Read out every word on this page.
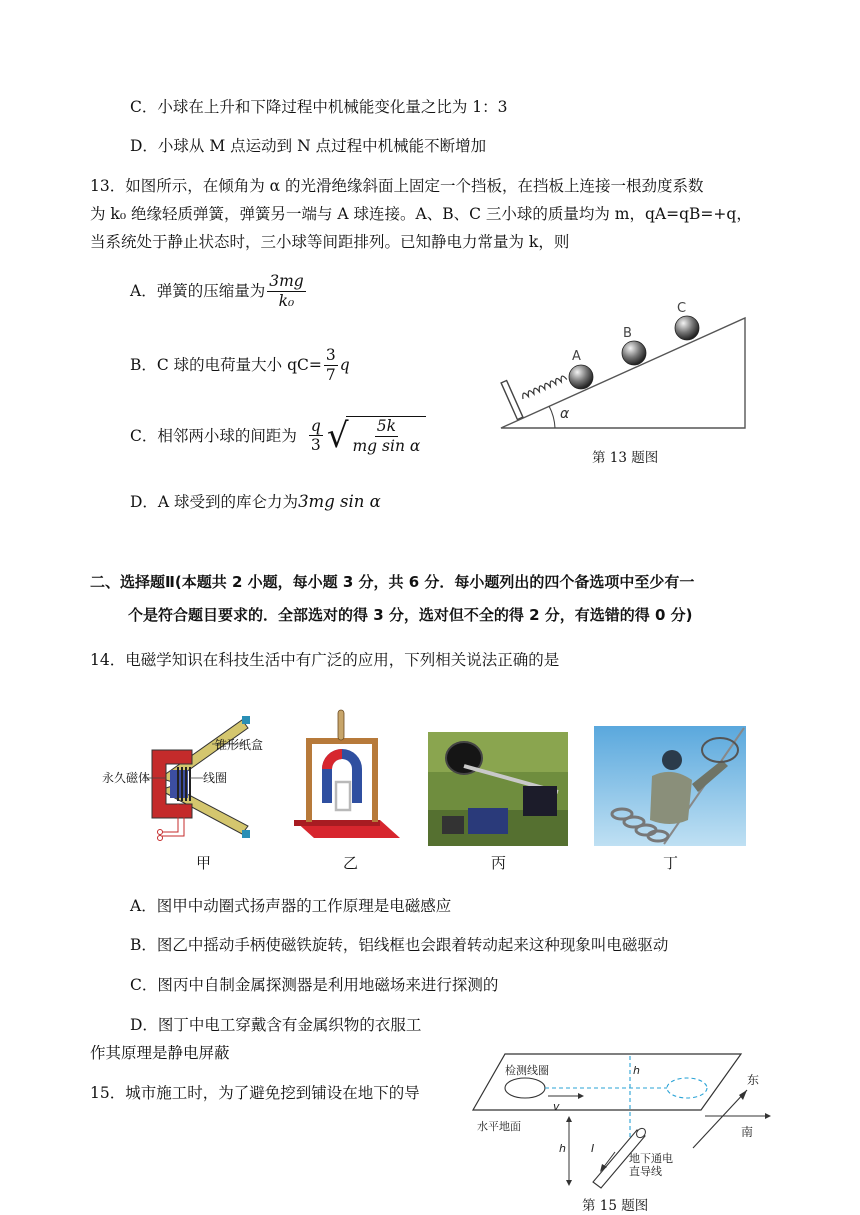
C．小球在上升和下降过程中机械能变化量之比为 1：3
D．小球从 M 点运动到 N 点过程中机械能不断增加
13．如图所示，在倾角为 α 的光滑绝缘斜面上固定一个挡板，在挡板上连接一根劲度系数
为 k₀ 绝缘轻质弹簧，弹簧另一端与 A 球连接。A、B、C 三小球的质量均为 m，qA=qB=+q，
当系统处于静止状态时，三小球等间距排列。已知静电力常量为 k，则
A．弹簧的压缩量为 $\frac{3mg}{\text{k₀}}$
B．C 球的电荷量大小 $qC= \frac{3}{7}$ q
C．相邻两小球的间距为 $\frac{q}{3}$ √
$\frac{5k}{\text{mg sin α}}$
D．A 球受到的库仑力为 3mg sin α
A
B
C
α
第 13 题图
二、选择题Ⅱ(本题共 2 小题，每小题 3 分，共 6 分．每小题列出的四个备选项中至少有一
个是符合题目要求的．全部选对的得 3 分，选对但不全的得 2 分，有选错的得 0 分)
14．电磁学知识在科技生活中有广泛的应用，下列相关说法正确的是
锥形纸盒
永久磁体	线圈
甲	乙	丙	丁
A．图甲中动圈式扬声器的工作原理是电磁感应
B．图乙中摇动手柄使磁铁旋转，铝线框也会跟着转动起来这种现象叫电磁驱动
C．图丙中自制金属探测器是利用地磁场来进行探测的
D．图丁中电工穿戴含有金属织物的衣服工
作其原理是静电屏蔽
15．城市施工时，为了避免挖到铺设在地下的导
检测线圈
v
h
水平地面
h I
地下通电
直导线
东
南
第 15 题图
